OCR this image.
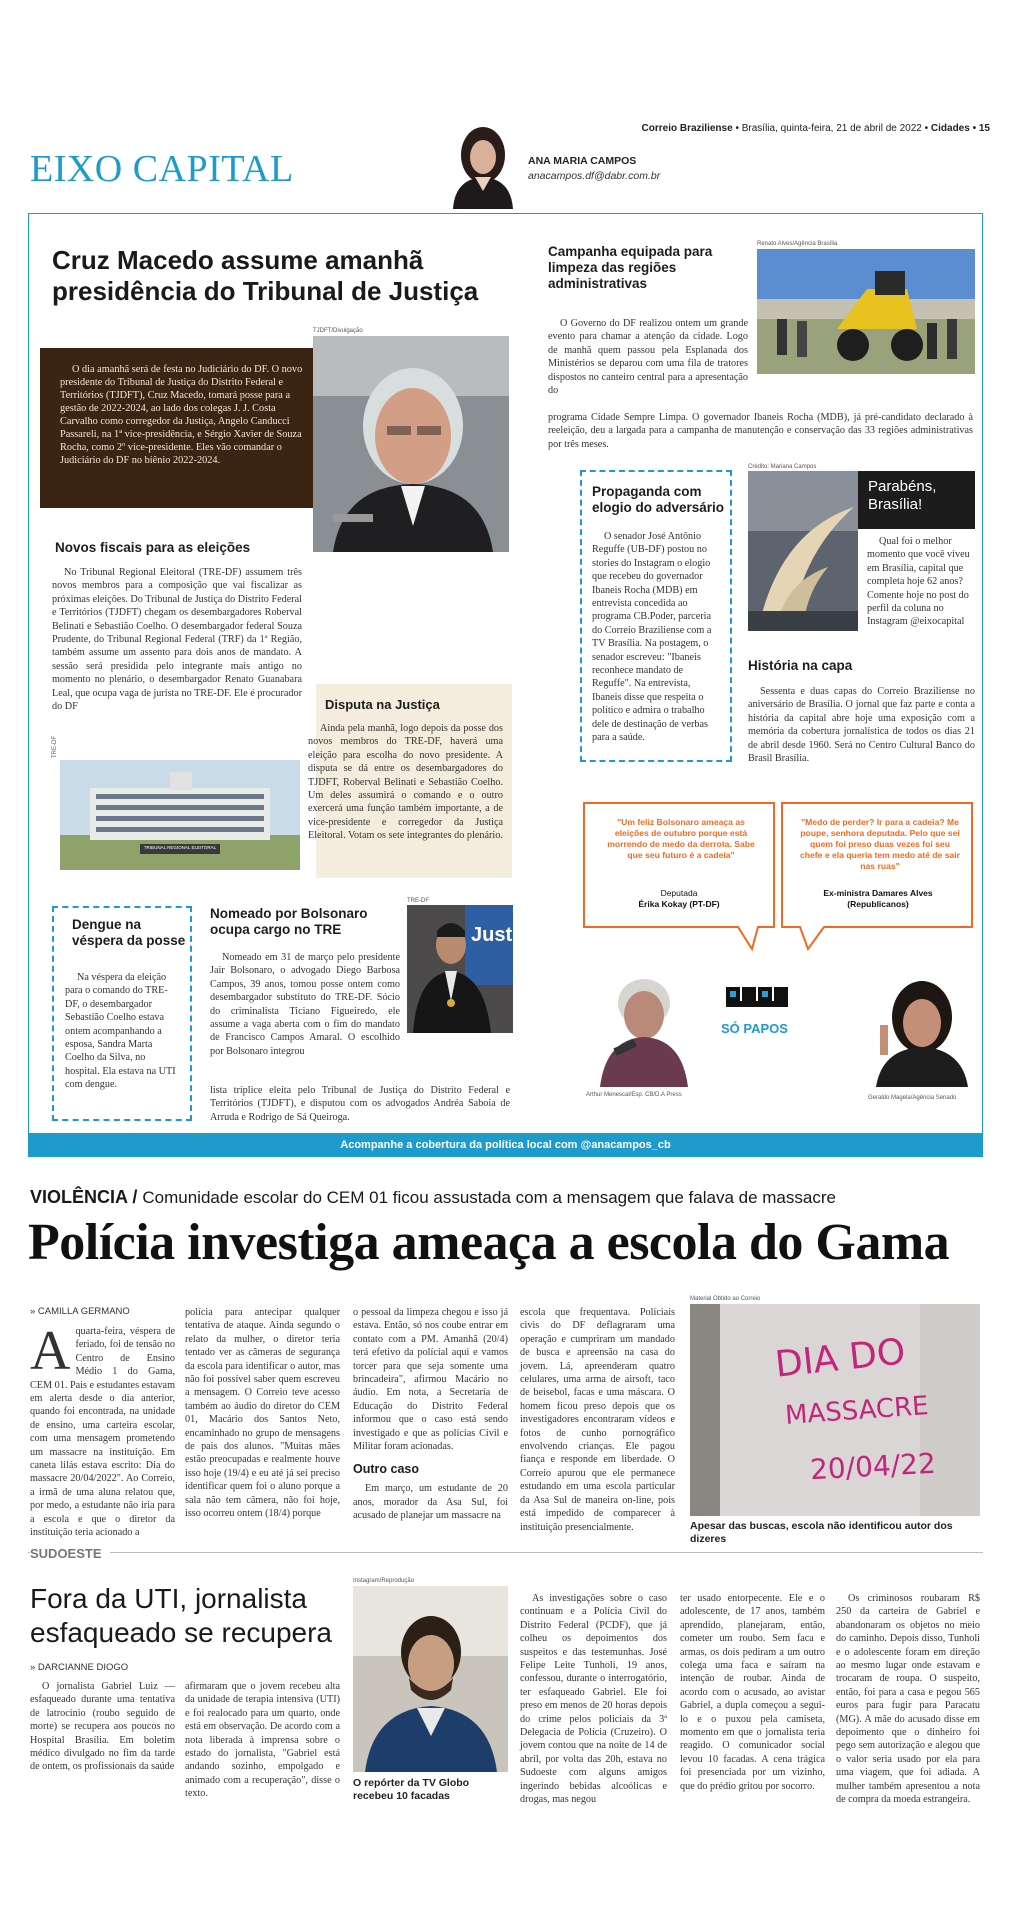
Correio Braziliense • Brasília, quinta-feira, 21 de abril de 2022 • Cidades • 15
EIXO CAPITAL	ANA MARIA CAMPOS
anacampos.df@dabr.com.br
Cruz Macedo assume amanhã presidência do Tribunal de Justiça
TJDFT/Divulgação

O dia amanhã será de festa no Judiciário do DF. O novo presidente do Tribunal de Justiça do Distrito Federal e Territórios (TJDFT), Cruz Macedo, tomará posse para a gestão de 2022-2024, ao lado dos colegas J. J. Costa Carvalho como corregedor da Justiça, Angelo Canducci Passareli, na 1ª vice-presidência, e Sérgio Xavier de Souza Rocha, como 2º vice-presidente. Eles vão comandar o Judiciário do DF no biênio 2022-2024.

Novos fiscais para as eleições

No Tribunal Regional Eleitoral (TRE-DF) assumem três novos membros para a composição que vai fiscalizar as próximas eleições. Do Tribunal de Justiça do Distrito Federal e Territórios (TJDFT) chegam os desembargadores Roberval Belinati e Sebastião Coelho. O desembargador federal Souza Prudente, do Tribunal Regional Federal (TRF) da 1ª Região, também assume um assento para dois anos de mandato. A sessão será presidida pelo integrante mais antigo no momento no plenário, o desembargador Renato Guanabara Leal, que ocupa vaga de jurista no TRE-DF. Ele é procurador do DF

TRE-DF
TRIBUNAL REGIONAL ELEITORAL
Disputa na Justiça

Ainda pela manhã, logo depois da posse dos novos membros do TRE-DF, haverá uma eleição para escolha do novo presidente. A disputa se dá entre os desembargadores do TJDFT, Roberval Belinati e Sebastião Coelho. Um deles assumirá o comando e o outro exercerá uma função também importante, a de vice-presidente e corregedor da Justiça Eleitoral. Votam os sete integrantes do plenário.

Dengue na véspera da posse

Na véspera da eleição para o comando do TRE-DF, o desembargador Sebastião Coelho estava ontem acompanhando a esposa, Sandra Marta Coelho da Silva, no hospital. Ela estava na UTI com dengue.

Nomeado por Bolsonaro ocupa cargo no TRE
TRE-DF
Justi

Nomeado em 31 de março pelo presidente Jair Bolsonaro, o advogado Diego Barbosa Campos, 39 anos, tomou posse ontem como desembargador substituto do TRE-DF. Sócio do criminalista Ticiano Figueiredo, ele assume a vaga aberta com o fim do mandato de Francisco Campos Amaral. O escolhido por Bolsonaro integrou

lista tríplice eleita pelo Tribunal de Justiça do Distrito Federal e Territórios (TJDFT), e disputou com os advogados Andréa Saboia de Arruda e Rodrigo de Sá Queiroga.

Campanha equipada para limpeza das regiões administrativas
Renato Alves/Agência Brasília

O Governo do DF realizou ontem um grande evento para chamar a atenção da cidade. Logo de manhã quem passou pela Esplanada dos Ministérios se deparou com uma fila de tratores dispostos no canteiro central para a apresentação do

programa Cidade Sempre Limpa. O governador Ibaneis Rocha (MDB), já pré-candidato declarado à reeleição, deu a largada para a campanha de manutenção e conservação das 33 regiões administrativas por três meses.

Propaganda com elogio do adversário

O senador José Antônio Reguffe (UB-DF) postou no stories do Instagram o elogio que recebeu do governador Ibaneis Rocha (MDB) em entrevista concedida ao programa CB.Poder, parceria do Correio Braziliense com a TV Brasília. Na postagem, o senador escreveu: "Ibaneis reconhece mandato de Reguffe". Na entrevista, Ibaneis disse que respeita o político e admira o trabalho dele de destinação de verbas para a saúde.

Crédito: Mariana Campos
Parabéns, Brasília!

Qual foi o melhor momento que você viveu em Brasília, capital que completa hoje 62 anos? Comente hoje no post do perfil da coluna no Instagram @eixocapital

História na capa

Sessenta e duas capas do Correio Braziliense no aniversário de Brasília. O jornal que faz parte e conta a história da capital abre hoje uma exposição com a memória da cobertura jornalística de todos os dias 21 de abril desde 1960. Será no Centro Cultural Banco do Brasil Brasília.

"Um feliz Bolsonaro ameaça as eleições de outubro porque está morrendo de medo da derrota. Sabe que seu futuro é a cadeia"
Deputada
Érika Kokay (PT-DF)
"Medo de perder? Ir para a cadeia? Me poupe, senhora deputada. Pelo que sei quem foi preso duas vezes foi seu chefe e ela queria tem medo até de sair nas ruas"
Ex-ministra Damares Alves
(Republicanos)
SÓ PAPOS
Arthur Menescal/Esp. CB/D.A Press	Geraldo Magela/Agência Senado
Acompanhe a cobertura da política local com @anacampos_cb
VIOLÊNCIA / Comunidade escolar do CEM 01 ficou assustada com a mensagem que falava de massacre
Polícia investiga ameaça a escola do Gama
» CAMILLA GERMANO
Aquarta-feira, véspera de feriado, foi de tensão no Centro de Ensino Médio 1 do Gama, CEM 01. Pais e estudantes estavam em alerta desde o dia anterior, quando foi encontrada, na unidade de ensino, uma carteira escolar, com uma mensagem prometendo um massacre na instituição. Em caneta lilás estava escrito: Dia do massacre 20/04/2022". Ao Correio, a irmã de uma aluna relatou que, por medo, a estudante não iria para a escola e que o diretor da instituição teria acionado a

polícia para antecipar qualquer tentativa de ataque. Ainda segundo o relato da mulher, o diretor teria tentado ver as câmeras de segurança da escola para identificar o autor, mas não foi possível saber quem escreveu a mensagem. O Correio teve acesso também ao áudio do diretor do CEM 01, Macário dos Santos Neto, encaminhado no grupo de mensagens de pais dos alunos. "Muitas mães estão preocupadas e realmente houve isso hoje (19/4) e eu até já sei preciso identificar quem foi o aluno porque a sala não tem câmera, não foi hoje, isso ocorreu ontem (18/4) porque

o pessoal da limpeza chegou e isso já estava. Então, só nos coube entrar em contato com a PM. Amanhã (20/4) terá efetivo da polícial aqui e vamos torcer para que seja somente uma brincadeira", afirmou Macário no áudio. Em nota, a Secretaria de Educação do Distrito Federal informou que o caso está sendo investigado e que as polícias Civil e Militar foram acionadas.

Outro caso

Em março, um estudante de 20 anos, morador da Asa Sul, foi acusado de planejar um massacre na

escola que frequentava. Policiais civis do DF deflagraram uma operação e cumpriram um mandado de busca e apreensão na casa do jovem. Lá, apreenderam quatro celulares, uma arma de airsoft, taco de beisebol, facas e uma máscara. O homem ficou preso depois que os investigadores encontraram vídeos e fotos de cunho pornográfico envolvendo crianças. Ele pagou fiança e responde em liberdade. O Correio apurou que ele permanece estudando em uma escola particular da Asa Sul de maneira on-line, pois está impedido de comparecer à instituição presencialmente.

Material Obtido ao Correio
DIA DO
MASSACRE
20/04/22
Apesar das buscas, escola não identificou autor dos dizeres
SUDOESTE
Fora da UTI, jornalista esfaqueado se recupera
» DARCIANNE DIOGO

O jornalista Gabriel Luiz — esfaqueado durante uma tentativa de latrocínio (roubo seguido de morte) se recupera aos poucos no Hospital Brasília. Em boletim médico divulgado no fim da tarde de ontem, os profissionais da saúde

afirmaram que o jovem recebeu alta da unidade de terapia intensiva (UTI) e foi realocado para um quarto, onde está em observação. De acordo com a nota liberada à imprensa sobre o estado do jornalista, "Gabriel está andando sozinho, empolgado e animado com a recuperação", disse o texto.

Instagram/Reprodução
O repórter da TV Globo recebeu 10 facadas

As investigações sobre o caso continuam e a Polícia Civil do Distrito Federal (PCDF), que já colheu os depoimentos dos suspeitos e das testemunhas. José Felipe Leite Tunholi, 19 anos, confessou, durante o interrogatório, ter esfaqueado Gabriel. Ele foi preso em menos de 20 horas depois do crime pelos policiais da 3ª Delegacia de Polícia (Cruzeiro). O jovem contou que na noite de 14 de abril, por volta das 20h, estava no Sudoeste com alguns amigos ingerindo bebidas alcoólicas e drogas, mas negou

ter usado entorpecente. Ele e o adolescente, de 17 anos, também aprendido, planejaram, então, cometer um roubo. Sem faca e armas, os dois pediram a um outro colega uma faca e saíram na intenção de roubar. Ainda de acordo com o acusado, ao avistar Gabriel, a dupla começou a segui-lo e o puxou pela camiseta, momento em que o jornalista teria reagido. O comunicador social levou 10 facadas. A cena trágica foi presenciada por um vizinho, que do prédio gritou por socorro.

Os criminosos roubaram R$ 250 da carteira de Gabriel e abandonaram os objetos no meio do caminho. Depois disso, Tunholi e o adolescente foram em direção ao mesmo lugar onde estavam e trocaram de roupa. O suspeito, então, foi para a casa e pegou 565 euros para fugir para Paracatu (MG). A mãe do acusado disse em depoimento que o dinheiro foi pego sem autorização e alegou que o valor seria usado por ela para uma viagem, que foi adiada. A mulher também apresentou a nota de compra da moeda estrangeira.
